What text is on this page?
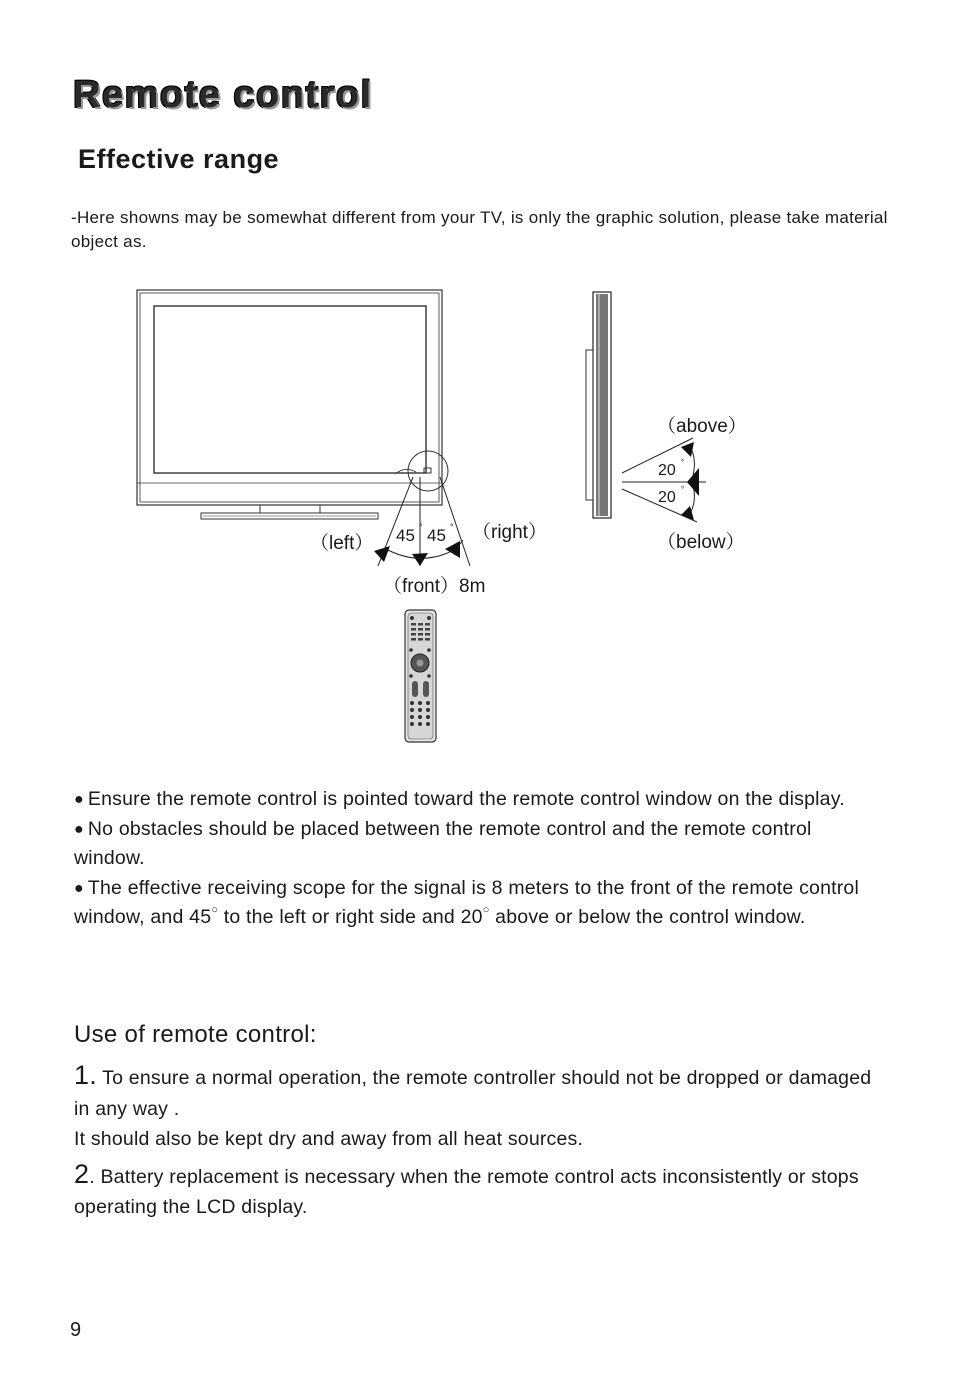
Remote control
Effective range
-Here showns may be somewhat different from your TV, is only the graphic solution, please take material object as.
（left）
（right）
45 ° 45 °
（front）8m
（above）
20 °
20 °
（below）
● Ensure the remote control is pointed toward the remote control window on the display.
● No obstacles should be placed between the remote control and the remote control window.
● The effective receiving scope for the signal is 8 meters to the front of the remote control window, and 45○ to the left or right side and 20○ above or below the control window.
Use of remote control:
1. To ensure a normal operation, the remote controller should not be dropped or damaged in any way .
It should also be kept dry and away from all heat sources.
2. Battery replacement is necessary when the remote control acts inconsistently or stops operating the LCD display.
9
